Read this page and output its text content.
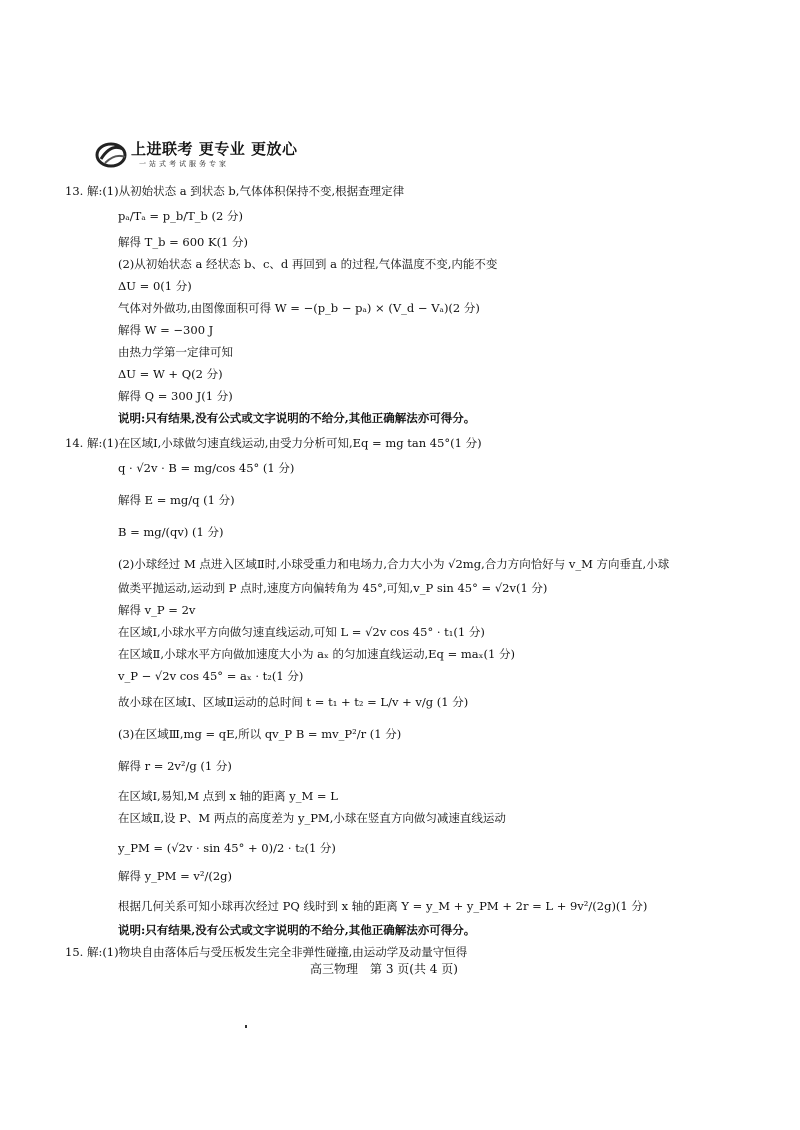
上进联考 更专业 更放心
一站式考试服务专家
13. 解:(1)从初始状态 a 到状态 b,气体体积保持不变,根据查理定律
pₐ/Tₐ = p_b/T_b (2 分)
解得 T_b = 600 K(1 分)
(2)从初始状态 a 经状态 b、c、d 再回到 a 的过程,气体温度不变,内能不变
ΔU = 0(1 分)
气体对外做功,由图像面积可得 W = −(p_b − pₐ) × (V_d − Vₐ)(2 分)
解得 W = −300 J
由热力学第一定律可知
ΔU = W + Q(2 分)
解得 Q = 300 J(1 分)
说明:只有结果,没有公式或文字说明的不给分,其他正确解法亦可得分。
14. 解:(1)在区域Ⅰ,小球做匀速直线运动,由受力分析可知,Eq = mg tan 45°(1 分)
q · √2v · B = mg/cos 45° (1 分)
解得 E = mg/q (1 分)
B = mg/(qv) (1 分)
(2)小球经过 M 点进入区域Ⅱ时,小球受重力和电场力,合力大小为 √2mg,合力方向恰好与 v_M 方向垂直,小球
做类平抛运动,运动到 P 点时,速度方向偏转角为 45°,可知,v_P sin 45° = √2v(1 分)
解得 v_P = 2v
在区域Ⅰ,小球水平方向做匀速直线运动,可知 L = √2v cos 45° · t₁(1 分)
在区域Ⅱ,小球水平方向做加速度大小为 aₓ 的匀加速直线运动,Eq = maₓ(1 分)
v_P − √2v cos 45° = aₓ · t₂(1 分)
故小球在区域Ⅰ、区域Ⅱ运动的总时间 t = t₁ + t₂ = L/v + v/g (1 分)
(3)在区域Ⅲ,mg = qE,所以 qv_P B = mv_P²/r (1 分)
解得 r = 2v²/g (1 分)
在区域Ⅰ,易知,M 点到 x 轴的距离 y_M = L
在区域Ⅱ,设 P、M 两点的高度差为 y_PM,小球在竖直方向做匀减速直线运动
y_PM = (√2v · sin 45° + 0)/2 · t₂(1 分)
解得 y_PM = v²/(2g)
根据几何关系可知小球再次经过 PQ 线时到 x 轴的距离 Y = y_M + y_PM + 2r = L + 9v²/(2g)(1 分)
说明:只有结果,没有公式或文字说明的不给分,其他正确解法亦可得分。
15. 解:(1)物块自由落体后与受压板发生完全非弹性碰撞,由运动学及动量守恒得
高三物理　第 3 页(共 4 页)
